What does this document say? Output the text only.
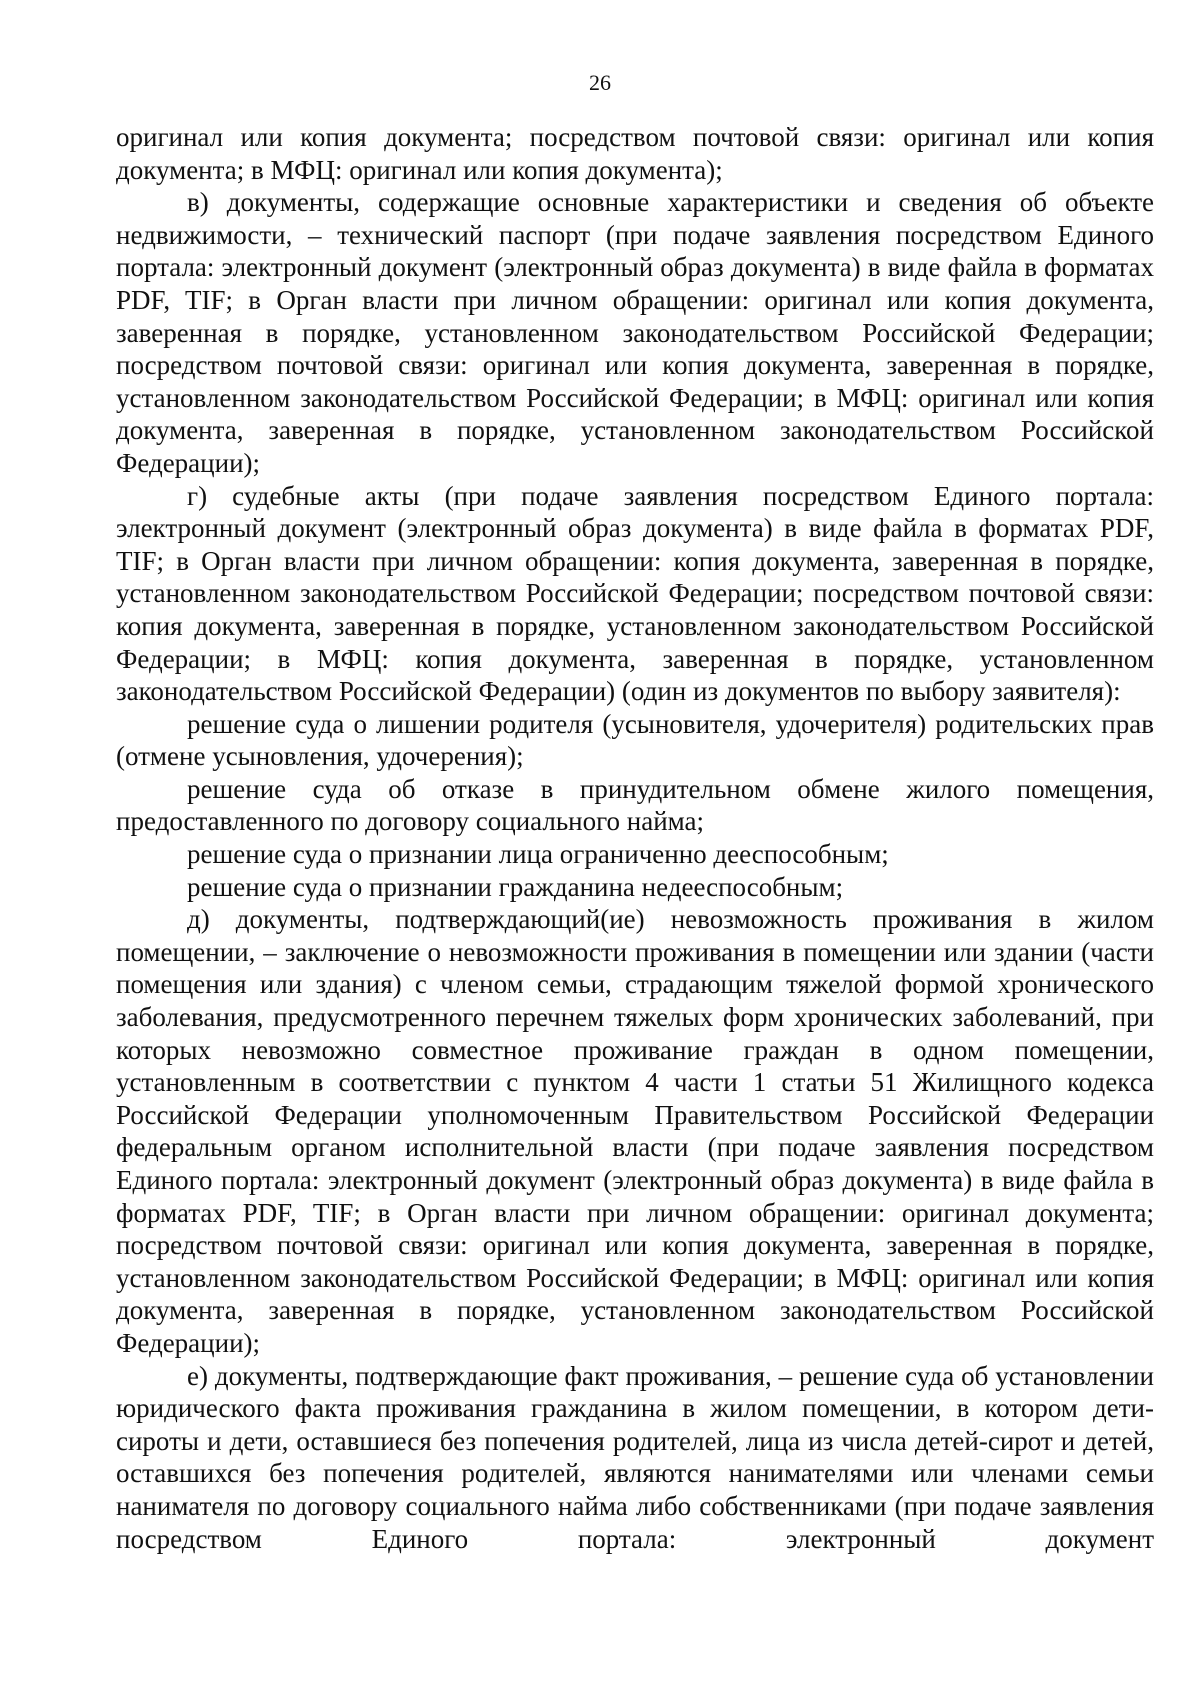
26

оригинал или копия документа; посредством почтовой связи: оригинал или копия документа; в МФЦ: оригинал или копия документа);

в) документы, содержащие основные характеристики и сведения об объекте недвижимости, – технический паспорт (при подаче заявления посредством Единого портала: электронный документ (электронный образ документа) в виде файла в форматах PDF, TIF; в Орган власти при личном обращении: оригинал или копия документа, заверенная в порядке, установленном законодательством Российской Федерации; посредством почтовой связи: оригинал или копия документа, заверенная в порядке, установленном законодательством Российской Федерации; в МФЦ: оригинал или копия документа, заверенная в порядке, установленном законодательством Российской Федерации);

г) судебные акты (при подаче заявления посредством Единого портала: электронный документ (электронный образ документа) в виде файла в форматах PDF, TIF; в Орган власти при личном обращении: копия документа, заверенная в порядке, установленном законодательством Российской Федерации; посредством почтовой связи: копия документа, заверенная в порядке, установленном законодательством Российской Федерации; в МФЦ: копия документа, заверенная в порядке, установленном законодательством Российской Федерации) (один из документов по выбору заявителя):

решение суда о лишении родителя (усыновителя, удочерителя) родительских прав (отмене усыновления, удочерения);

решение суда об отказе в принудительном обмене жилого помещения, предоставленного по договору социального найма;

решение суда о признании лица ограниченно дееспособным;

решение суда о признании гражданина недееспособным;

д) документы, подтверждающий(ие) невозможность проживания в жилом помещении, – заключение о невозможности проживания в помещении или здании (части помещения или здания) с членом семьи, страдающим тяжелой формой хронического заболевания, предусмотренного перечнем тяжелых форм хронических заболеваний, при которых невозможно совместное проживание граждан в одном помещении, установленным в соответствии с пунктом 4 части 1 статьи 51 Жилищного кодекса Российской Федерации уполномоченным Правительством Российской Федерации федеральным органом исполнительной власти (при подаче заявления посредством Единого портала: электронный документ (электронный образ документа) в виде файла в форматах PDF, TIF; в Орган власти при личном обращении: оригинал документа; посредством почтовой связи: оригинал или копия документа, заверенная в порядке, установленном законодательством Российской Федерации; в МФЦ: оригинал или копия документа, заверенная в порядке, установленном законодательством Российской Федерации);

е) документы, подтверждающие факт проживания, – решение суда об установлении юридического факта проживания гражданина в жилом помещении, в котором дети-сироты и дети, оставшиеся без попечения родителей, лица из числа детей-сирот и детей, оставшихся без попечения родителей, являются нанимателями или членами семьи нанимателя по договору социального найма либо собственниками (при подаче заявления посредством Единого портала: электронный документ
